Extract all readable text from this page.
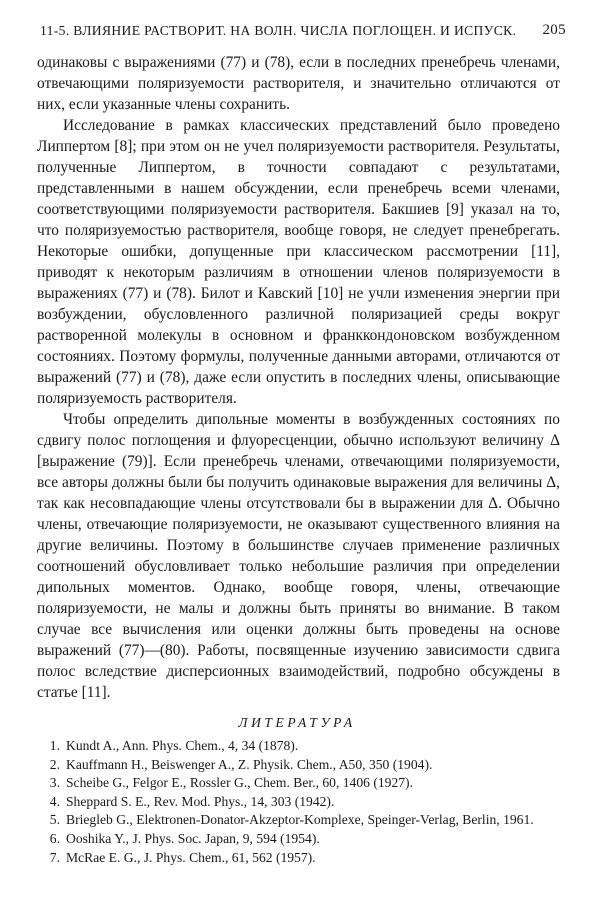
11-5. ВЛИЯНИЕ РАСТВОРИТ. НА ВОЛН. ЧИСЛА ПОГЛОЩЕН. И ИСПУСК. 205

одинаковы с выражениями (77) и (78), если в последних пренебречь членами, отвечающими поляризуемости растворителя, и значительно отличаются от них, если указанные члены сохранить.

Исследование в рамках классических представлений было проведено Липпертом [8]; при этом он не учел поляризуемости растворителя. Результаты, полученные Липпертом, в точности совпадают с результатами, представленными в нашем обсуждении, если пренебречь всеми членами, соответствующими поляризуемости растворителя. Бакшиев [9] указал на то, что поляризуемостью растворителя, вообще говоря, не следует пренебрегать. Некоторые ошибки, допущенные при классическом рассмотрении [11], приводят к некоторым различиям в отношении членов поляризуемости в выражениях (77) и (78). Билот и Кавский [10] не учли изменения энергии при возбуждении, обусловленного различной поляризацией среды вокруг растворенной молекулы в основном и франккондоновском возбужденном состояниях. Поэтому формулы, полученные данными авторами, отличаются от выражений (77) и (78), даже если опустить в последних члены, описывающие поляризуемость растворителя.

Чтобы определить дипольные моменты в возбужденных состояниях по сдвигу полос поглощения и флуоресценции, обычно используют величину Δ [выражение (79)]. Если пренебречь членами, отвечающими поляризуемости, все авторы должны были бы получить одинаковые выражения для величины Δ, так как несовпадающие члены отсутствовали бы в выражении для Δ. Обычно члены, отвечающие поляризуемости, не оказывают существенного влияния на другие величины. Поэтому в большинстве случаев применение различных соотношений обусловливает только небольшие различия при определении дипольных моментов. Однако, вообще говоря, члены, отвечающие поляризуемости, не малы и должны быть приняты во внимание. В таком случае все вычисления или оценки должны быть проведены на основе выражений (77)—(80). Работы, посвященные изучению зависимости сдвига полос вследствие дисперсионных взаимодействий, подробно обсуждены в статье [11].

ЛИТЕРАТУРА
1. Kundt A., Ann. Phys. Chem., 4, 34 (1878).
2. Kauffmann H., Beiswenger A., Z. Physik. Chem., A50, 350 (1904).
3. Scheibe G., Felgor E., Rossler G., Chem. Ber., 60, 1406 (1927).
4. Sheppard S. E., Rev. Mod. Phys., 14, 303 (1942).
5. Briegleb G., Elektronen-Donator-Akzeptor-Komplexe, Speinger-Verlag, Berlin, 1961.
6. Ooshika Y., J. Phys. Soc. Japan, 9, 594 (1954).
7. McRae E. G., J. Phys. Chem., 61, 562 (1957).
